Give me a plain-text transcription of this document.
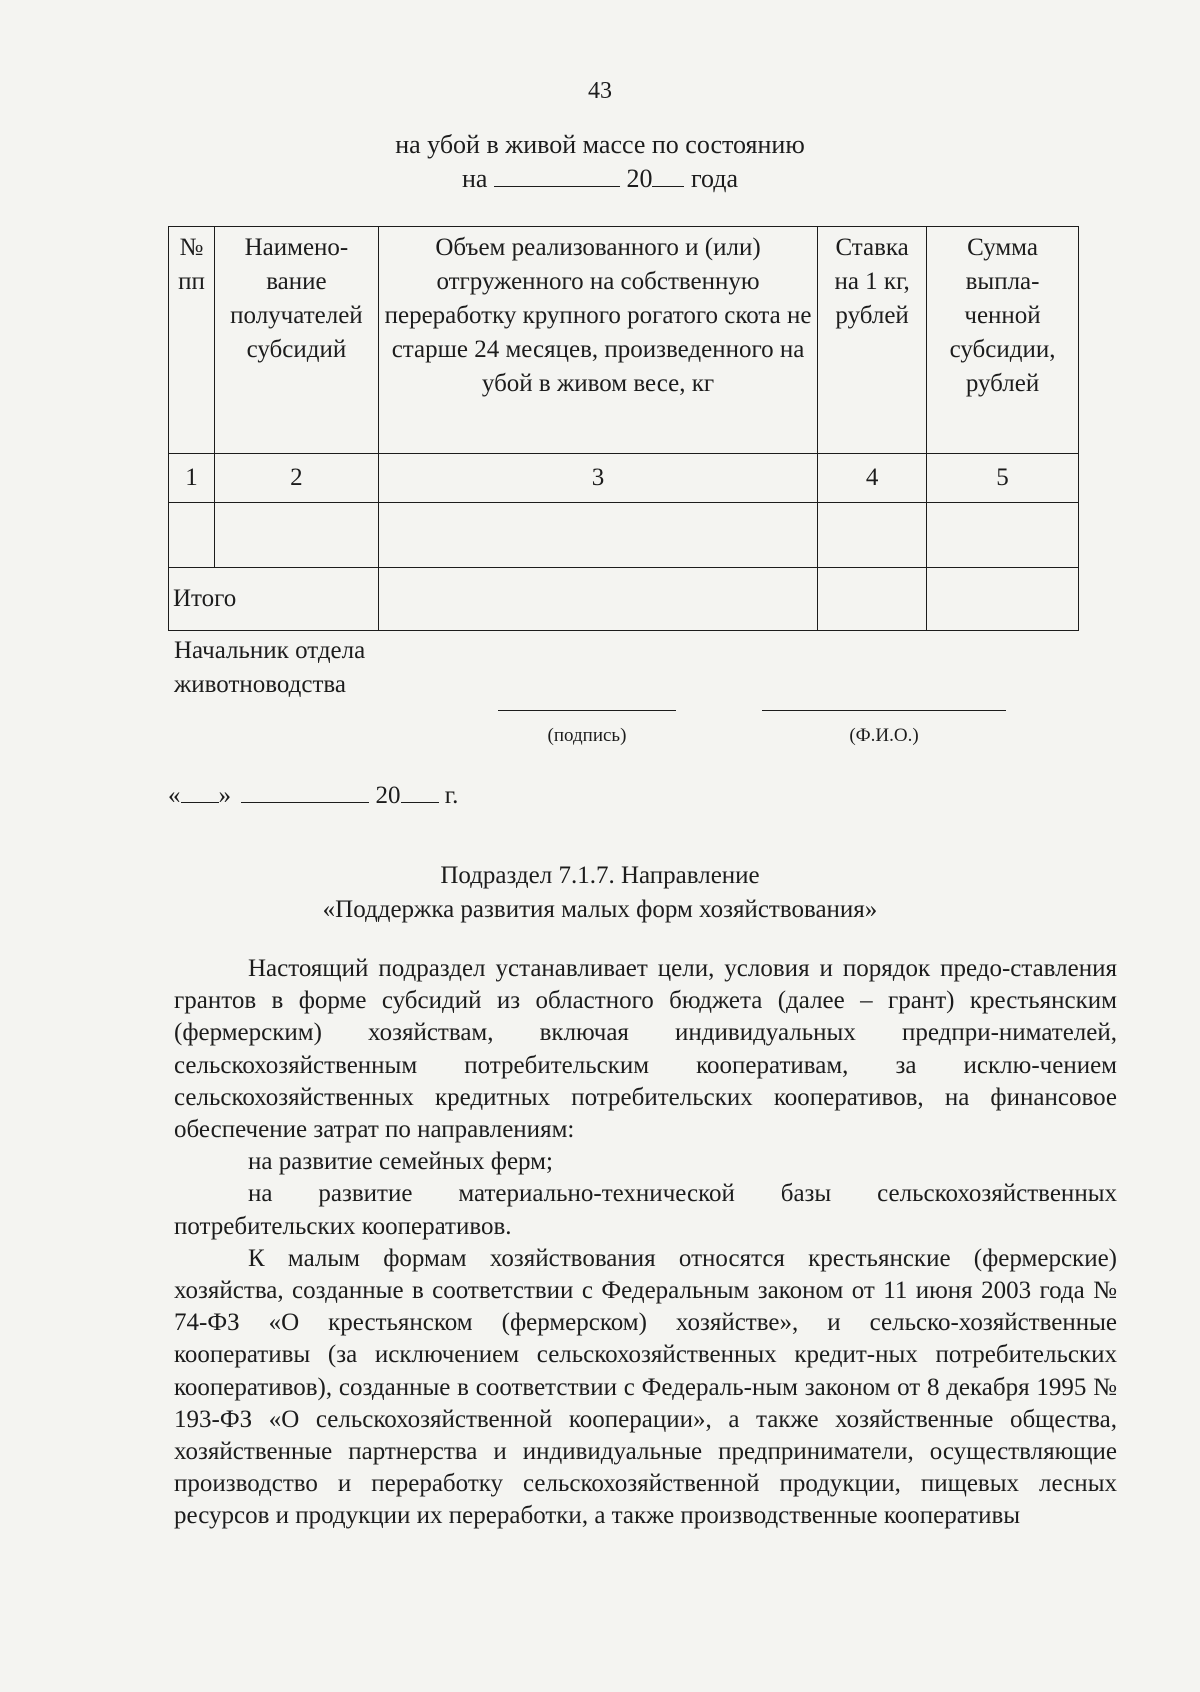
43
на убой в живой массе по состоянию
на	20 года
№ пп	Наимено-вание получателей субсидий	Объем реализованного и (или) отгруженного на собственную переработку крупного рогатого скота не старше 24 месяцев, произведенного на убой в живом весе, кг	Ставка на 1 кг, рублей	Сумма выпла-ченной субсидии, рублей
1	2	3	4	5

Итого				
Начальник отдела
животноводства
(подпись)	(Ф.И.О.)
« »	20 г.
Подраздел 7.1.7. Направление
«Поддержка развития малых форм хозяйствования»

Настоящий подраздел устанавливает цели, условия и порядок предо-ставления грантов в форме субсидий из областного бюджета (далее – грант) крестьянским (фермерским) хозяйствам, включая индивидуальных предпри-нимателей, сельскохозяйственным потребительским кооперативам, за исклю-чением сельскохозяйственных кредитных потребительских кооперативов, на финансовое обеспечение затрат по направлениям:

на развитие семейных ферм;

на развитие материально-технической базы сельскохозяйственных потребительских кооперативов.

К малым формам хозяйствования относятся крестьянские (фермерские) хозяйства, созданные в соответствии с Федеральным законом от 11 июня 2003 года № 74-ФЗ «О крестьянском (фермерском) хозяйстве», и сельско-хозяйственные кооперативы (за исключением сельскохозяйственных кредит-ных потребительских кооперативов), созданные в соответствии с Федераль-ным законом от 8 декабря 1995 № 193-ФЗ «О сельскохозяйственной кооперации», а также хозяйственные общества, хозяйственные партнерства и индивидуальные предприниматели, осуществляющие производство и переработку сельскохозяйственной продукции, пищевых лесных ресурсов и продукции их переработки, а также производственные кооперативы
